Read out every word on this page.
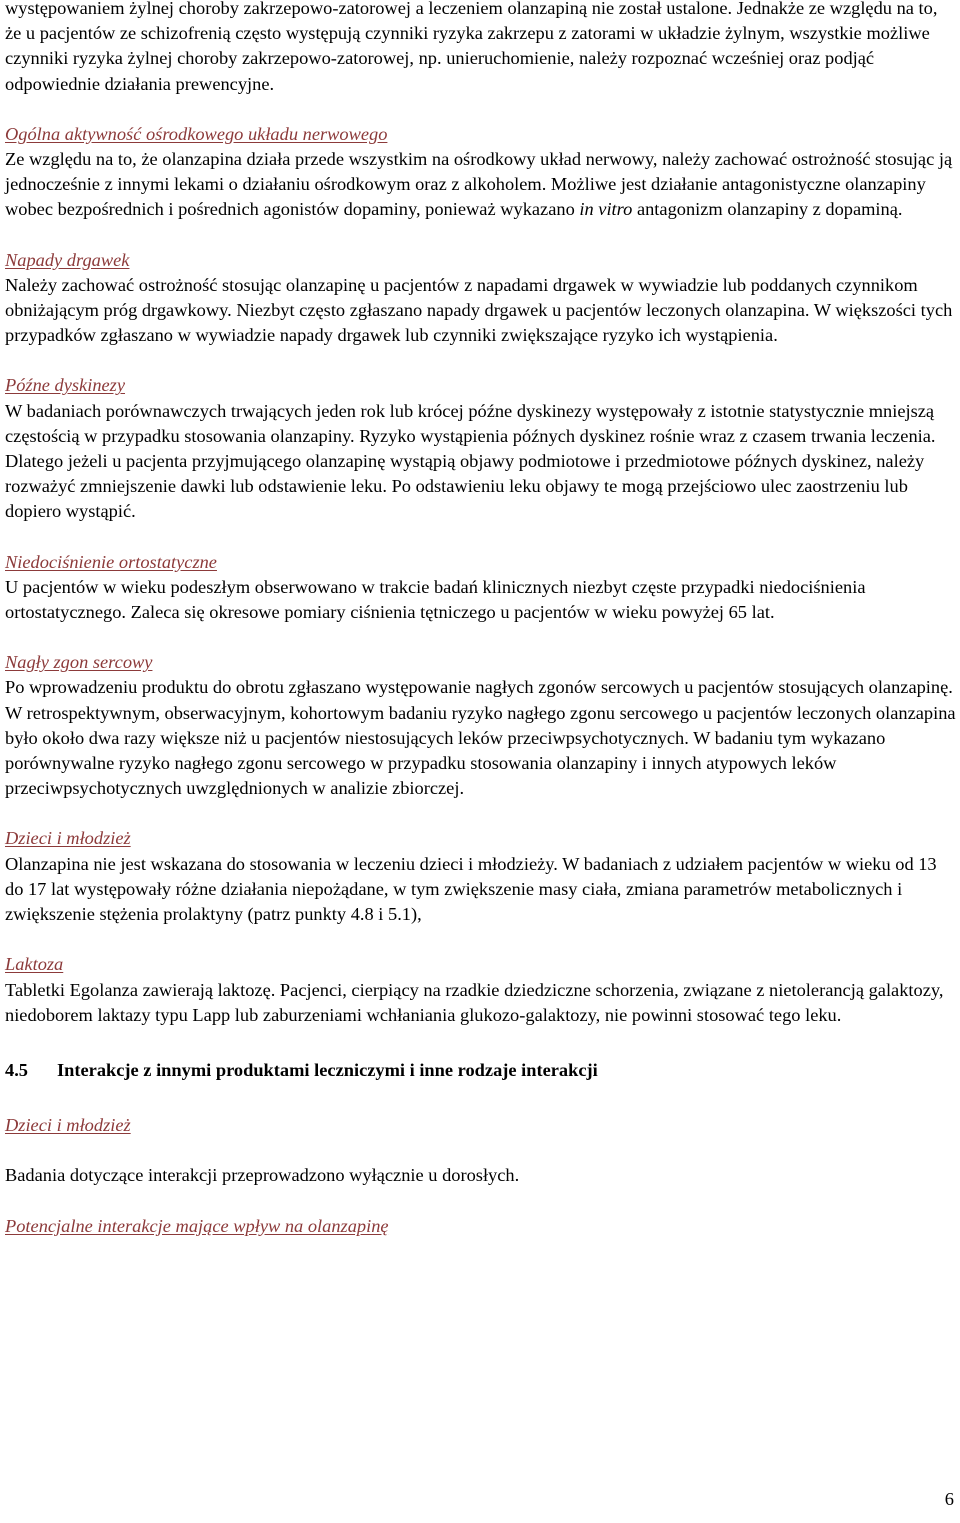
występowaniem żylnej choroby zakrzepowo-zatorowej a leczeniem olanzapiną nie został ustalone. Jednakże ze względu na to, że u pacjentów ze schizofrenią często występują czynniki ryzyka zakrzepu z zatorami w układzie żylnym, wszystkie możliwe czynniki ryzyka żylnej choroby zakrzepowo-zatorowej, np. unieruchomienie, należy rozpoznać wcześniej oraz podjąć odpowiednie działania prewencyjne.

Ogólna aktywność ośrodkowego układu nerwowego

Ze względu na to, że olanzapina działa przede wszystkim na ośrodkowy układ nerwowy, należy zachować ostrożność stosując ją jednocześnie z innymi lekami o działaniu ośrodkowym oraz z alkoholem. Możliwe jest działanie antagonistyczne olanzapiny wobec bezpośrednich i pośrednich agonistów dopaminy, ponieważ wykazano in vitro antagonizm olanzapiny z dopaminą.

Napady drgawek

Należy zachować ostrożność stosując olanzapinę u pacjentów z napadami drgawek w wywiadzie lub poddanych czynnikom obniżającym próg drgawkowy. Niezbyt często zgłaszano napady drgawek u pacjentów leczonych olanzapina. W większości tych przypadków zgłaszano w wywiadzie napady drgawek lub czynniki zwiększające ryzyko ich wystąpienia.

Późne dyskinezy

W badaniach porównawczych trwających jeden rok lub krócej późne dyskinezy występowały z istotnie statystycznie mniejszą częstością w przypadku stosowania olanzapiny. Ryzyko wystąpienia późnych dyskinez rośnie wraz z czasem trwania leczenia. Dlatego jeżeli u pacjenta przyjmującego olanzapinę wystąpią objawy podmiotowe i przedmiotowe późnych dyskinez, należy rozważyć zmniejszenie dawki lub odstawienie leku. Po odstawieniu leku objawy te mogą przejściowo ulec zaostrzeniu lub dopiero wystąpić.

Niedociśnienie ortostatyczne

U pacjentów w wieku podeszłym obserwowano w trakcie badań klinicznych niezbyt częste przypadki niedociśnienia ortostatycznego. Zaleca się okresowe pomiary ciśnienia tętniczego u pacjentów w wieku powyżej 65 lat.

Nagły zgon sercowy

Po wprowadzeniu produktu do obrotu zgłaszano występowanie nagłych zgonów sercowych u pacjentów stosujących olanzapinę. W retrospektywnym, obserwacyjnym, kohortowym badaniu ryzyko nagłego zgonu sercowego u pacjentów leczonych olanzapina było około dwa razy większe niż u pacjentów niestosujących leków przeciwpsychotycznych. W badaniu tym wykazano porównywalne ryzyko nagłego zgonu sercowego w przypadku stosowania olanzapiny i innych atypowych leków przeciwpsychotycznych uwzględnionych w analizie zbiorczej.

Dzieci i młodzież

Olanzapina nie jest wskazana do stosowania w leczeniu dzieci i młodzieży. W badaniach z udziałem pacjentów w wieku od 13 do 17 lat występowały różne działania niepożądane, w tym zwiększenie masy ciała, zmiana parametrów metabolicznych i zwiększenie stężenia prolaktyny (patrz punkty 4.8 i 5.1),

Laktoza

Tabletki Egolanza zawierają laktozę. Pacjenci, cierpiący na rzadkie dziedziczne schorzenia, związane z nietolerancją galaktozy, niedoborem laktazy typu Lapp lub zaburzeniami wchłaniania glukozo-galaktozy, nie powinni stosować tego leku.

4.5 Interakcje z innymi produktami leczniczymi i inne rodzaje interakcji

Dzieci i młodzież

Badania dotyczące interakcji przeprowadzono wyłącznie u dorosłych.

Potencjalne interakcje mające wpływ na olanzapinę

6
